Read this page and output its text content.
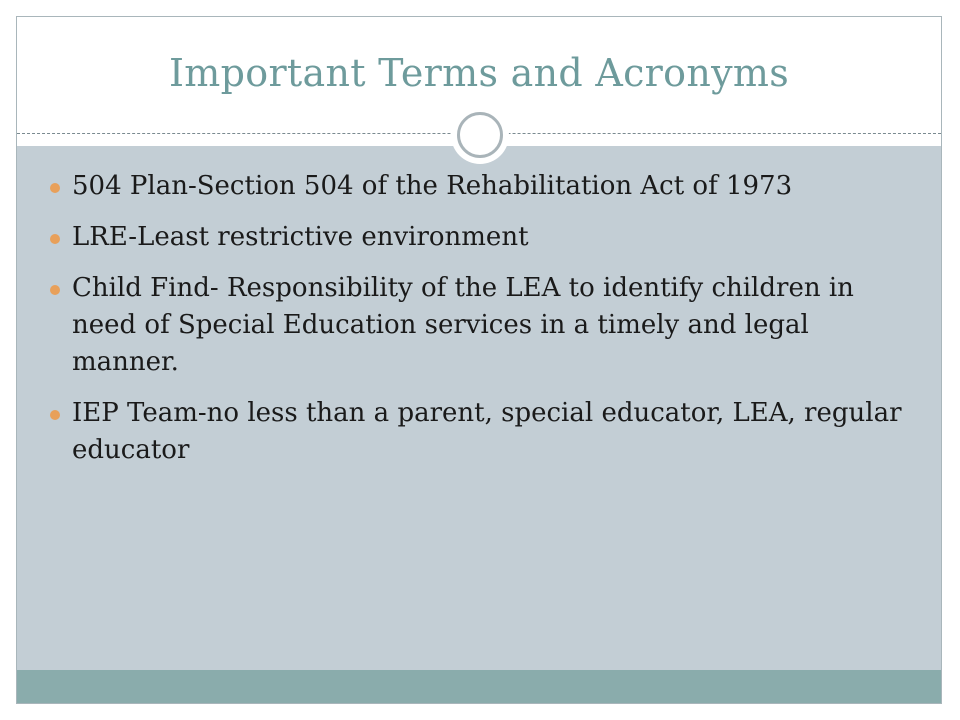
Important Terms and Acronyms
504 Plan-Section 504 of the Rehabilitation Act of 1973
LRE-Least restrictive environment
Child Find- Responsibility of the LEA to identify children in need of Special Education services in a timely and legal manner.
IEP Team-no less than a parent, special educator, LEA, regular educator
